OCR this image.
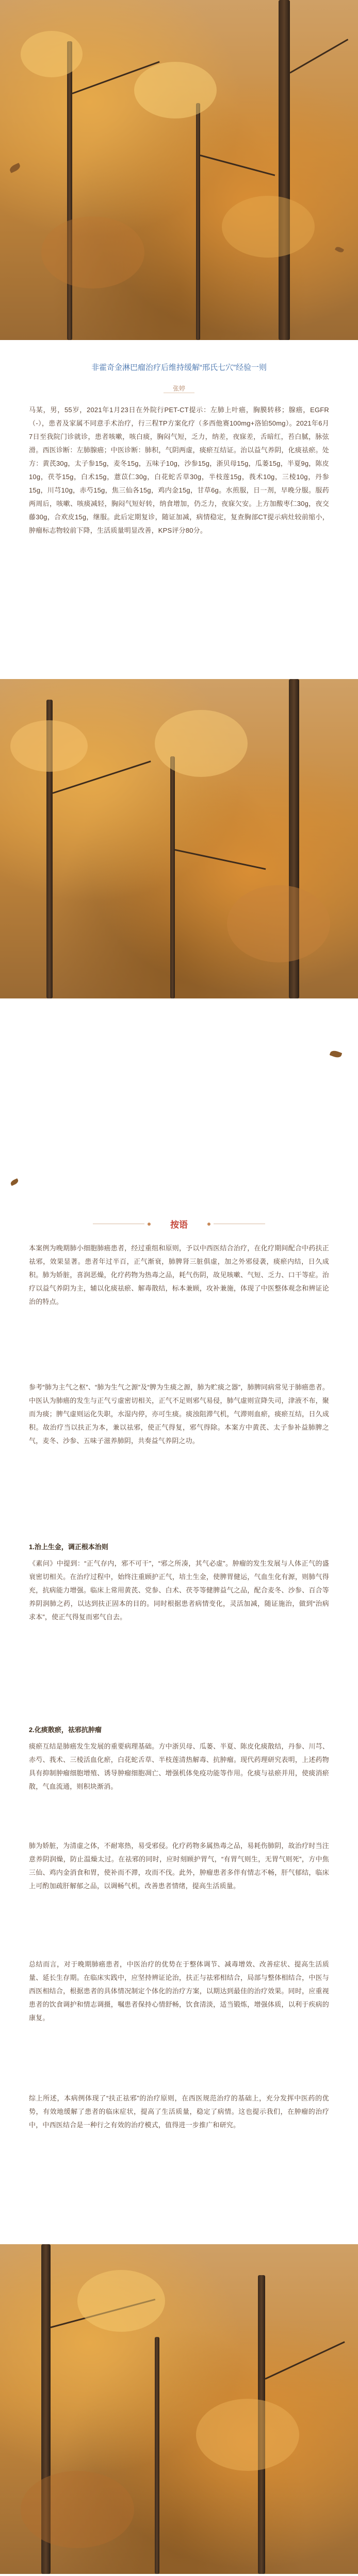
非霍奇金淋巴瘤治疗后维持缓解“邢氏七穴”经验一则

张婷

马某，男，55岁，2021年1月23日在外院行PET-CT提示：左肺上叶癌，胸膜转移；腺癌，EGFR（-），患者及家属不同意手术治疗，行三程TP方案化疗（多西他赛100mg+洛铂50mg）。2021年6月7日至我院门诊就诊，患者咳嗽，咳白痰，胸闷气短，乏力，纳差，夜寐差，舌暗红，苔白腻，脉弦滑。西医诊断：左肺腺癌；中医诊断：肺积，气阴两虚，痰瘀互结证。治以益气养阴，化痰祛瘀。处方：黄芪30g，太子参15g，麦冬15g，五味子10g，沙参15g，浙贝母15g，瓜蒌15g，半夏9g，陈皮10g，茯苓15g，白术15g，薏苡仁30g，白花蛇舌草30g，半枝莲15g，莪术10g，三棱10g，丹参15g，川芎10g，赤芍15g，焦三仙各15g，鸡内金15g，甘草6g。水煎服，日一剂，早晚分服。服药两周后，咳嗽、咳痰减轻，胸闷气短好转，纳食增加，仍乏力，夜寐欠安。上方加酸枣仁30g，夜交藤30g，合欢皮15g，继服。此后定期复诊，随证加减，病情稳定，复查胸部CT提示病灶较前缩小，肿瘤标志物较前下降，生活质量明显改善，KPS评分80分。

按语

本案例为晚期肺小细胞肺癌患者，经过重组和原则，予以中西医结合治疗，在化疗期间配合中药扶正祛邪，效果显著。患者年过半百，正气渐衰，肺脾肾三脏俱虚，加之外邪侵袭，痰瘀内结，日久成积。肺为娇脏，喜润恶燥，化疗药物为热毒之品，耗气伤阴，故见咳嗽、气短、乏力、口干等症。治疗以益气养阴为主，辅以化痰祛瘀、解毒散结，标本兼顾，攻补兼施，体现了中医整体观念和辨证论治的特点。

参考“肺为主气之枢”、“肺为生气之源”及“脾为生痰之源，肺为贮痰之器”，肺脾同病常见于肺癌患者。中医认为肺癌的发生与正气亏虚密切相关，正气不足则邪气易侵，肺气虚则宣降失司，津液不布，聚而为痰；脾气虚则运化失职，水湿内停，亦可生痰。痰浊阻滞气机，气滞则血瘀，痰瘀互结，日久成积。故治疗当以扶正为本，兼以祛邪，使正气得复，邪气得除。本案方中黄芪、太子参补益肺脾之气，麦冬、沙参、五味子滋养肺阴，共奏益气养阴之功。

1.治上生金，调正根本治则

《素问》中提到：“正气存内，邪不可干”，“邪之所凑，其气必虚”。肿瘤的发生发展与人体正气的盛衰密切相关。在治疗过程中，始终注重顾护正气，培土生金，使脾胃健运，气血生化有源，则肺气得充，抗病能力增强。临床上常用黄芪、党参、白术、茯苓等健脾益气之品，配合麦冬、沙参、百合等养阴润肺之药，以达到扶正固本的目的。同时根据患者病情变化，灵活加减，随证施治，做到“治病求本”，使正气得复而邪气自去。

2.化痰散瘀，祛邪抗肿瘤

痰瘀互结是肺癌发生发展的重要病理基础。方中浙贝母、瓜蒌、半夏、陈皮化痰散结，丹参、川芎、赤芍、莪术、三棱活血化瘀，白花蛇舌草、半枝莲清热解毒、抗肿瘤。现代药理研究表明，上述药物具有抑制肿瘤细胞增殖、诱导肿瘤细胞凋亡、增强机体免疫功能等作用。化痰与祛瘀并用，使痰消瘀散，气血流通，则积块渐消。

肺为娇脏，为清虚之体，不耐寒热，易受邪侵。化疗药物多属热毒之品，易耗伤肺阴，故治疗时当注意养阴润燥，防止温燥太过。在祛邪的同时，应时刻顾护胃气，“有胃气则生，无胃气则死”，方中焦三仙、鸡内金消食和胃，使补而不滞，攻而不伐。此外，肿瘤患者多伴有情志不畅，肝气郁结，临床上可酌加疏肝解郁之品，以调畅气机，改善患者情绪，提高生活质量。

总结而言，对于晚期肺癌患者，中医治疗的优势在于整体调节、减毒增效、改善症状、提高生活质量、延长生存期。在临床实践中，应坚持辨证论治，扶正与祛邪相结合，局部与整体相结合，中医与西医相结合，根据患者的具体情况制定个体化的治疗方案，以期达到最佳的治疗效果。同时，应重视患者的饮食调护和情志调摄，嘱患者保持心情舒畅，饮食清淡，适当锻炼，增强体质，以利于疾病的康复。

综上所述，本病例体现了“扶正祛邪”的治疗原则，在西医规范治疗的基础上，充分发挥中医药的优势，有效地缓解了患者的临床症状，提高了生活质量，稳定了病情。这也提示我们，在肿瘤的治疗中，中西医结合是一种行之有效的治疗模式，值得进一步推广和研究。
